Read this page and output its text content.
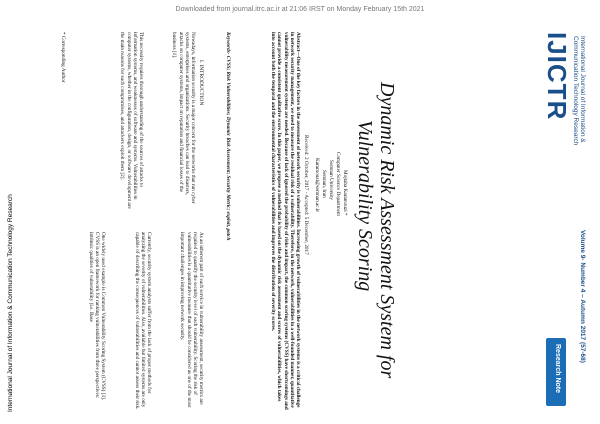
Downloaded from journal.itrc.ac.ir at 21:06 IRST on Monday February 15th 2021
International Journal of Information & Communication Technology Research	Dynamic Risk Assessment System for
Vulnerability Scoring
Mojtaba Karamouzi *
Computer Science Department
Semnan University
Semnan, Iran
Karamouzi@semnan.ac.ir
Received: 2 October, 2017 - Accepted: 5 December, 2017
Abstract—One of the key factors in the assessment of network security is vulnerabilities. Increasing growth of vulnerabilities in the network systems is a critical challenge in network security management, we need to measure the residual risk of a vulnerability. Therefore, in the network, vulnerabilities in a well-founded manner, quantitative vulnerability measurement systems are needed. Because of lack of ignored the probability of risks and impact, the common scoring systems (CVSS) have shortcomings and cannot provide a consistent qualitative score. In this paper, we propose a method that is based on the dynamic risk assessment and scores of vulnerabilities, which takes into account both the temporal and the environmental characteristics of vulnerabilities and improves the distribution of severity scores.
Keywords- CVSS; Risk Vulnerabilities; Dynamic Risk Assessment; Security Metric; exploit, patch
I. INTRODUCTION
Nowadays, information security is a major concern for the networks that run cyber systems, enterprises and organizations. Security breaches can lead to disasters, attacks on computer systems, impact on reputation and financial losses of the business [1].
This necessity requires thorough understanding of the sources of attacks to information systems, and weaknesses of software and systems. Vulnerabilities in computer systems, whether in the configuration, design, or software development are the main reasons for such compromises, and attackers exploit them [2].
* Corresponding Author
As an inherent part of each service in vulnerability assessment, security metrics are required to quantify the security level of each vulnerability. Scoring the risk of vulnerabilities is a quantitative measure that should be considered as one of the most important challenges in improving network security.
Currently, security system analysts suffer from the lack of proper methods for analyzing the severity of vulnerabilities. Also, available but limited systems are only capable of describing the consequences of vulnerabilities and cannot assess their risk.
One widely used example is Common Vulnerability Scoring System (CVSS) [3]. CVSS is an open framework for ranking vulnerabilities from three perspectives: intrinsic qualities of vulnerability (i.e. Base
IJICTR	International Journal of Information &
Communication Technology Research
Volume 9- Number 4 – Autumn 2017 (57-68)
Research Note
